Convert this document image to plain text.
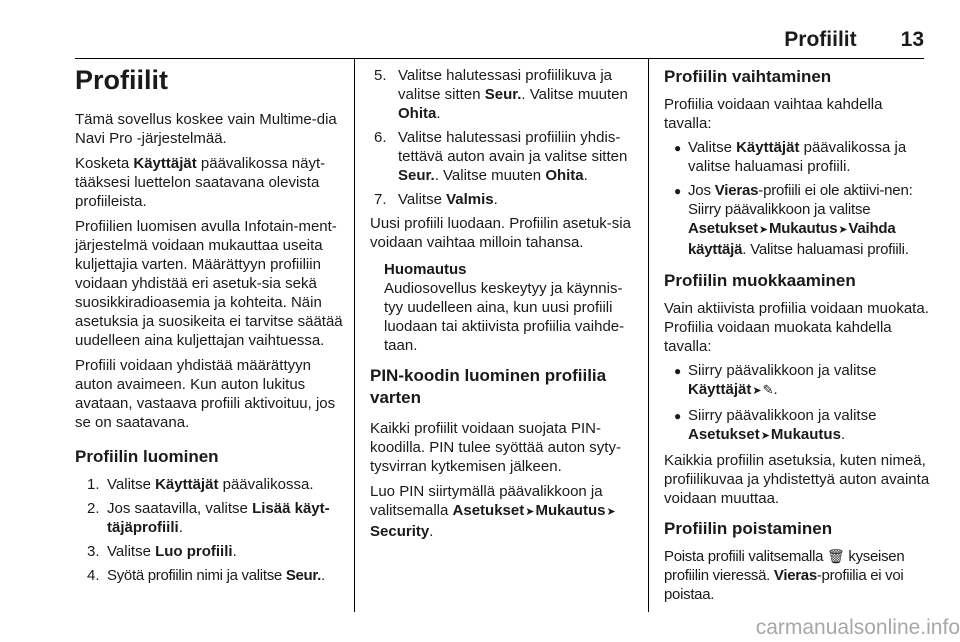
Profiilit 13
Profiilit

Tämä sovellus koskee vain Multime-dia Navi Pro -järjestelmää.

Kosketa Käyttäjät päävalikossa näyt-tääksesi luettelon saatavana olevista profiileista.

Profiilien luomisen avulla Infotain-ment-järjestelmä voidaan mukauttaa useita kuljettajia varten. Määrättyyn profiiliin voidaan yhdistää eri asetuk-sia sekä suosikkiradioasemia ja kohteita. Näin asetuksia ja suosikeita ei tarvitse säätää uudelleen aina kuljettajan vaihtuessa.

Profiili voidaan yhdistää määrättyyn auton avaimeen. Kun auton lukitus avataan, vastaava profiili aktivoituu, jos se on saatavana.

Profiilin luominen
1. Valitse Käyttäjät päävalikossa.
2. Jos saatavilla, valitse Lisää käyt-täjäprofiili.
3. Valitse Luo profiili.
4. Syötä profiilin nimi ja valitse Seur..
5. Valitse halutessasi profiilikuva ja valitse sitten Seur.. Valitse muuten Ohita.
6. Valitse halutessasi profiiliin yhdis-tettävä auton avain ja valitse sitten Seur.. Valitse muuten Ohita.
7. Valitse Valmis.

Uusi profiili luodaan. Profiilin asetuk-sia voidaan vaihtaa milloin tahansa.

Huomautus
Audiosovellus keskeytyy ja käynnis-tyy uudelleen aina, kun uusi profiili luodaan tai aktiivista profiilia vaihde-taan.
PIN-koodin luominen profiilia varten

Kaikki profiilit voidaan suojata PIN-koodilla. PIN tulee syöttää auton syty-tysvirran kytkemisen jälkeen.

Luo PIN siirtymällä päävalikkoon ja valitsemalla Asetukset➤Mukautus➤Security.

Profiilin vaihtaminen

Profiilia voidaan vaihtaa kahdella tavalla:

●
Valitse Käyttäjät päävalikossa ja valitse haluamasi profiili.
●
Jos Vieras-profiili ei ole aktiivi-nen: Siirry päävalikkoon ja valitse Asetukset➤Mukautus➤Vaihda käyttäjä. Valitse haluamasi profiili.
Profiilin muokkaaminen

Vain aktiivista profiilia voidaan muokata. Profiilia voidaan muokata kahdella tavalla:

●
Siirry päävalikkoon ja valitse Käyttäjät➤✎.
●
Siirry päävalikkoon ja valitse Asetukset➤Mukautus.

Kaikkia profiilin asetuksia, kuten nimeä, profiilikuvaa ja yhdistettyä auton avainta voidaan muuttaa.

Profiilin poistaminen

Poista profiili valitsemalla 🗑 kyseisen profiilin vieressä. Vieras-profiilia ei voi poistaa.

carmanualsonline.info
